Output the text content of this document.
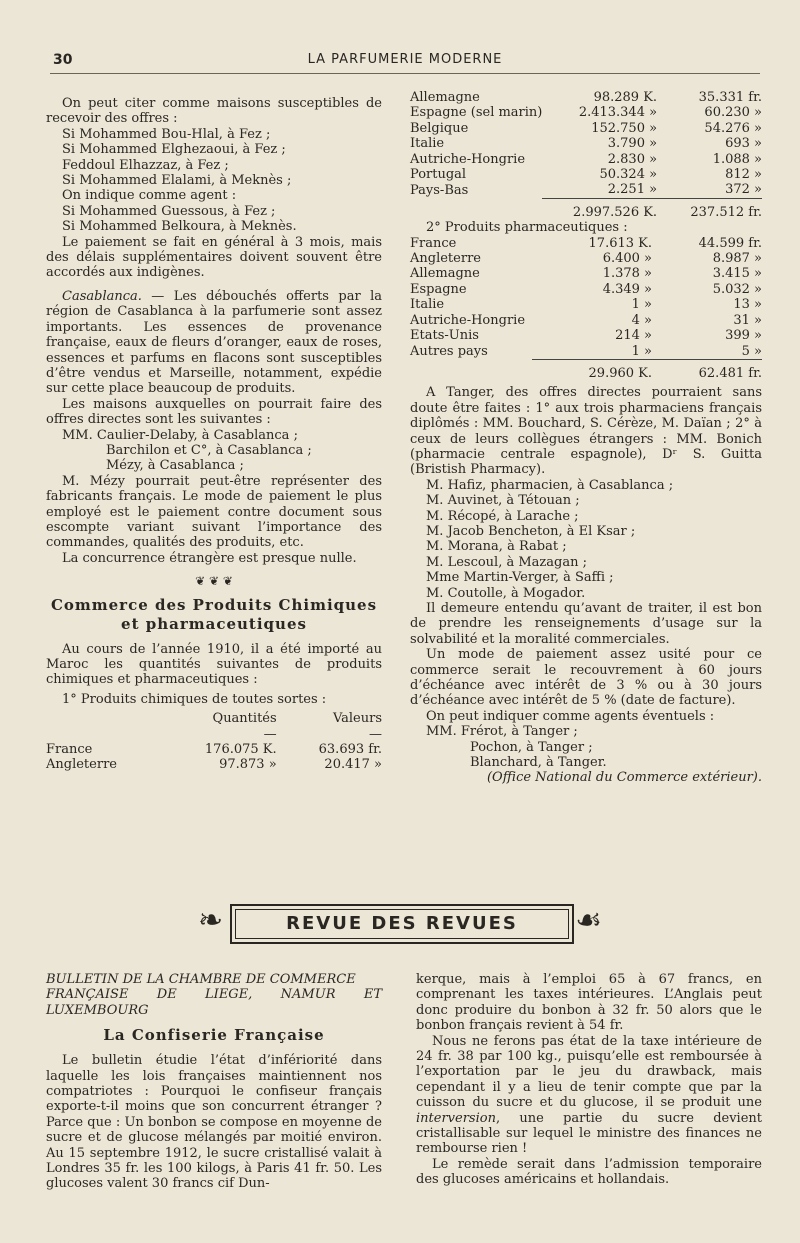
30	LA PARFUMERIE MODERNE

On peut citer comme maisons susceptibles de recevoir des offres :

Si Mohammed Bou-Hlal, à Fez ;

Si Mohammed Elghezaoui, à Fez ;

Feddoul Elhazzaz, à Fez ;

Si Mohammed Elalami, à Meknès ;

On indique comme agent :

Si Mohammed Guessous, à Fez ;

Si Mohammed Belkoura, à Meknès.

Le paiement se fait en général à 3 mois, mais des délais supplémentaires doivent souvent être accordés aux indigènes.

Casablanca. — Les débouchés offerts par la région de Casablanca à la parfumerie sont assez importants. Les essences de provenance française, eaux de fleurs d’oranger, eaux de roses, essences et parfums en flacons sont susceptibles d’être vendus et Marseille, notamment, expédie sur cette place beaucoup de produits.

Les maisons auxquelles on pourrait faire des offres directes sont les suivantes :

MM. Caulier-Delaby, à Casablanca ;

Barchilon et C°, à Casablanca ;

Mézy, à Casablanca ;

M. Mézy pourrait peut-être représenter des fabricants français. Le mode de paiement le plus employé est le paiement contre document sous escompte variant suivant l’importance des commandes, qualités des produits, etc.

La concurrence étrangère est presque nulle.

❦ ❦ ❦
Commerce des Produits Chimiques
et pharmaceutiques

Au cours de l’année 1910, il a été importé au Maroc les quantités suivantes de produits chimiques et pharmaceutiques :

1° Produits chimiques de toutes sortes :

	Quantités	Valeurs
	—	—
France	176.075 K.	63.693 fr.
Angleterre	97.873 »	20.417 »
Allemagne	98.289 K.	35.331 fr.
Espagne (sel marin)	2.413.344 »	60.230 »
Belgique	152.750 »	54.276 »
Italie	3.790 »	693 »
Autriche-Hongrie	2.830 »	1.088 »
Portugal	50.324 »	812 »
Pays-Bas	2.251 »	372 »
	2.997.526 K.	237.512 fr.

2° Produits pharmaceutiques :

France	17.613 K.	44.599 fr.
Angleterre	6.400 »	8.987 »
Allemagne	1.378 »	3.415 »
Espagne	4.349 »	5.032 »
Italie	1 »	13 »
Autriche-Hongrie	4 »	31 »
Etats-Unis	214 »	399 »
Autres pays	1 »	5 »
	29.960 K.	62.481 fr.

A Tanger, des offres directes pourraient sans doute être faites : 1° aux trois pharmaciens français diplômés : MM. Bouchard, S. Cérèze, M. Daïan ; 2° à ceux de leurs collègues étrangers : MM. Bonich (pharmacie centrale espagnole), Dʳ S. Guitta (Bristish Pharmacy).

M. Hafiz, pharmacien, à Casablanca ;

M. Auvinet, à Tétouan ;

M. Récopé, à Larache ;

M. Jacob Bencheton, à El Ksar ;

M. Morana, à Rabat ;

M. Lescoul, à Mazagan ;

Mme Martin-Verger, à Saffi ;

M. Coutolle, à Mogador.

Il demeure entendu qu’avant de traiter, il est bon de prendre les renseignements d’usage sur la solvabilité et la moralité commerciales.

Un mode de paiement assez usité pour ce commerce serait le recouvrement à 60 jours d’échéance avec intérêt de 3 % ou à 30 jours d’échéance avec intérêt de 5 % (date de facture).

On peut indiquer comme agents éventuels :

MM. Frérot, à Tanger ;

Pochon, à Tanger ;

Blanchard, à Tanger.

(Office National du Commerce extérieur).

❧	REVUE DES REVUES	☙

BULLETIN DE LA CHAMBRE DE COMMERCE

FRANÇAISE DE LIEGE, NAMUR ET LUXEMBOURG

La Confiserie Française

Le bulletin étudie l’état d’infériorité dans laquelle les lois françaises maintiennent nos compatriotes : Pourquoi le confiseur français exporte-t-il moins que son concurrent étranger ? Parce que : Un bonbon se compose en moyenne de sucre et de glucose mélangés par moitié environ. Au 15 septembre 1912, le sucre cristallisé valait à Londres 35 fr. les 100 kilogs, à Paris 41 fr. 50. Les glucoses valent 30 francs cif Dun-

kerque, mais à l’emploi 65 à 67 francs, en comprenant les taxes intérieures. L’Anglais peut donc produire du bonbon à 32 fr. 50 alors que le bonbon français revient à 54 fr.

Nous ne ferons pas état de la taxe intérieure de 24 fr. 38 par 100 kg., puisqu’elle est remboursée à l’exportation par le jeu du drawback, mais cependant il y a lieu de tenir compte que par la cuisson du sucre et du glucose, il se produit une interversion, une partie du sucre devient cristallisable sur lequel le ministre des finances ne rembourse rien !

Le remède serait dans l’admission temporaire des glucoses américains et hollandais.
